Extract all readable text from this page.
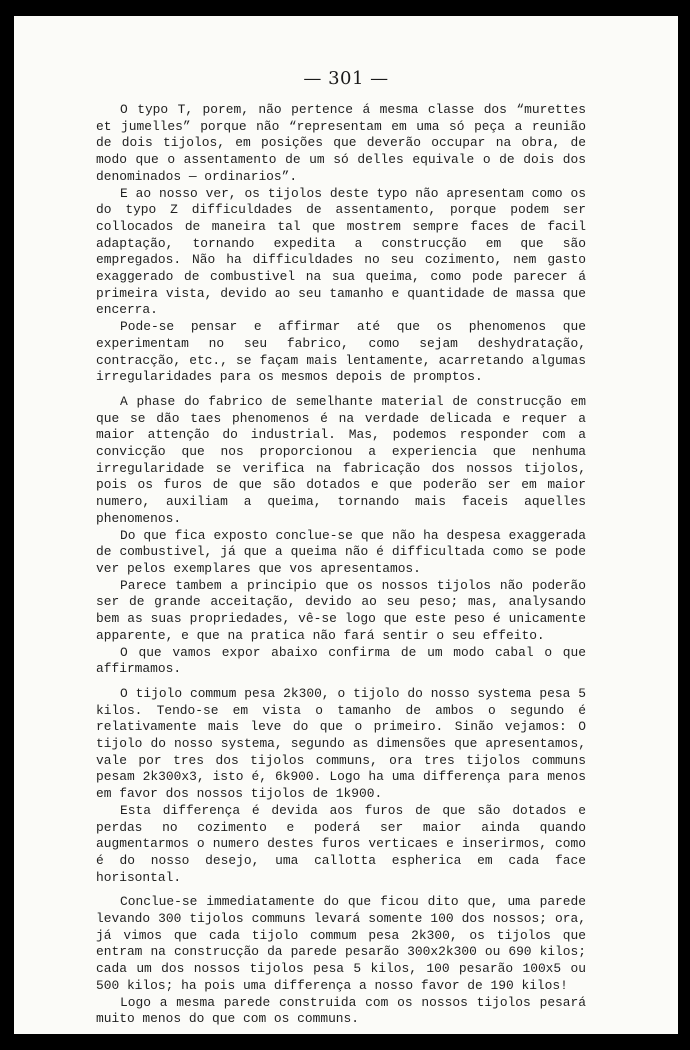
— 301 —

O typo T, porem, não pertence á mesma classe dos “murettes et jumelles” porque não “representam em uma só peça a reunião de dois tijolos, em posições que deverão occupar na obra, de modo que o assentamento de um só delles equivale o de dois dos denominados — ordinarios”.

E ao nosso ver, os tijolos deste typo não apresentam como os do typo Z difficuldades de assentamento, porque podem ser collocados de maneira tal que mostrem sempre faces de facil adaptação, tornando expedita a construcção em que são empregados. Não ha difficuldades no seu cozimento, nem gasto exaggerado de combustivel na sua queima, como pode parecer á primeira vista, devido ao seu tamanho e quantidade de massa que encerra.

Pode-se pensar e affirmar até que os phenomenos que experimentam no seu fabrico, como sejam deshydratação, contracção, etc., se façam mais lentamente, acarretando algumas irregularidades para os mesmos depois de promptos.

A phase do fabrico de semelhante material de construcção em que se dão taes phenomenos é na verdade delicada e requer a maior attenção do industrial. Mas, podemos responder com a convicção que nos proporcionou a experiencia que nenhuma irregularidade se verifica na fabricação dos nossos tijolos, pois os furos de que são dotados e que poderão ser em maior numero, auxiliam a queima, tornando mais faceis aquelles phenomenos.

Do que fica exposto conclue-se que não ha despesa exaggerada de combustivel, já que a queima não é difficultada como se pode ver pelos exemplares que vos apresentamos.

Parece tambem a principio que os nossos tijolos não poderão ser de grande acceitação, devido ao seu peso; mas, analysando bem as suas propriedades, vê-se logo que este peso é unicamente apparente, e que na pratica não fará sentir o seu effeito.

O que vamos expor abaixo confirma de um modo cabal o que affirmamos.

O tijolo commum pesa 2k300, o tijolo do nosso systema pesa 5 kilos. Tendo-se em vista o tamanho de ambos o segundo é relativamente mais leve do que o primeiro. Sinão vejamos: O tijolo do nosso systema, segundo as dimensões que apresentamos, vale por tres dos tijolos communs, ora tres tijolos communs pesam 2k300x3, isto é, 6k900. Logo ha uma differença para menos em favor dos nossos tijolos de 1k900.

Esta differença é devida aos furos de que são dotados e perdas no cozimento e poderá ser maior ainda quando augmentarmos o numero destes furos verticaes e inserirmos, como é do nosso desejo, uma callotta espherica em cada face horisontal.

Conclue-se immediatamente do que ficou dito que, uma parede levando 300 tijolos communs levará somente 100 dos nossos; ora, já vimos que cada tijolo commum pesa 2k300, os tijolos que entram na construcção da parede pesarão 300x2k300 ou 690 kilos; cada um dos nossos tijolos pesa 5 kilos, 100 pesarão 100x5 ou 500 kilos; ha pois uma differença a nosso favor de 190 kilos!

Logo a mesma parede construida com os nossos tijolos pesará muito menos do que com os communs.
